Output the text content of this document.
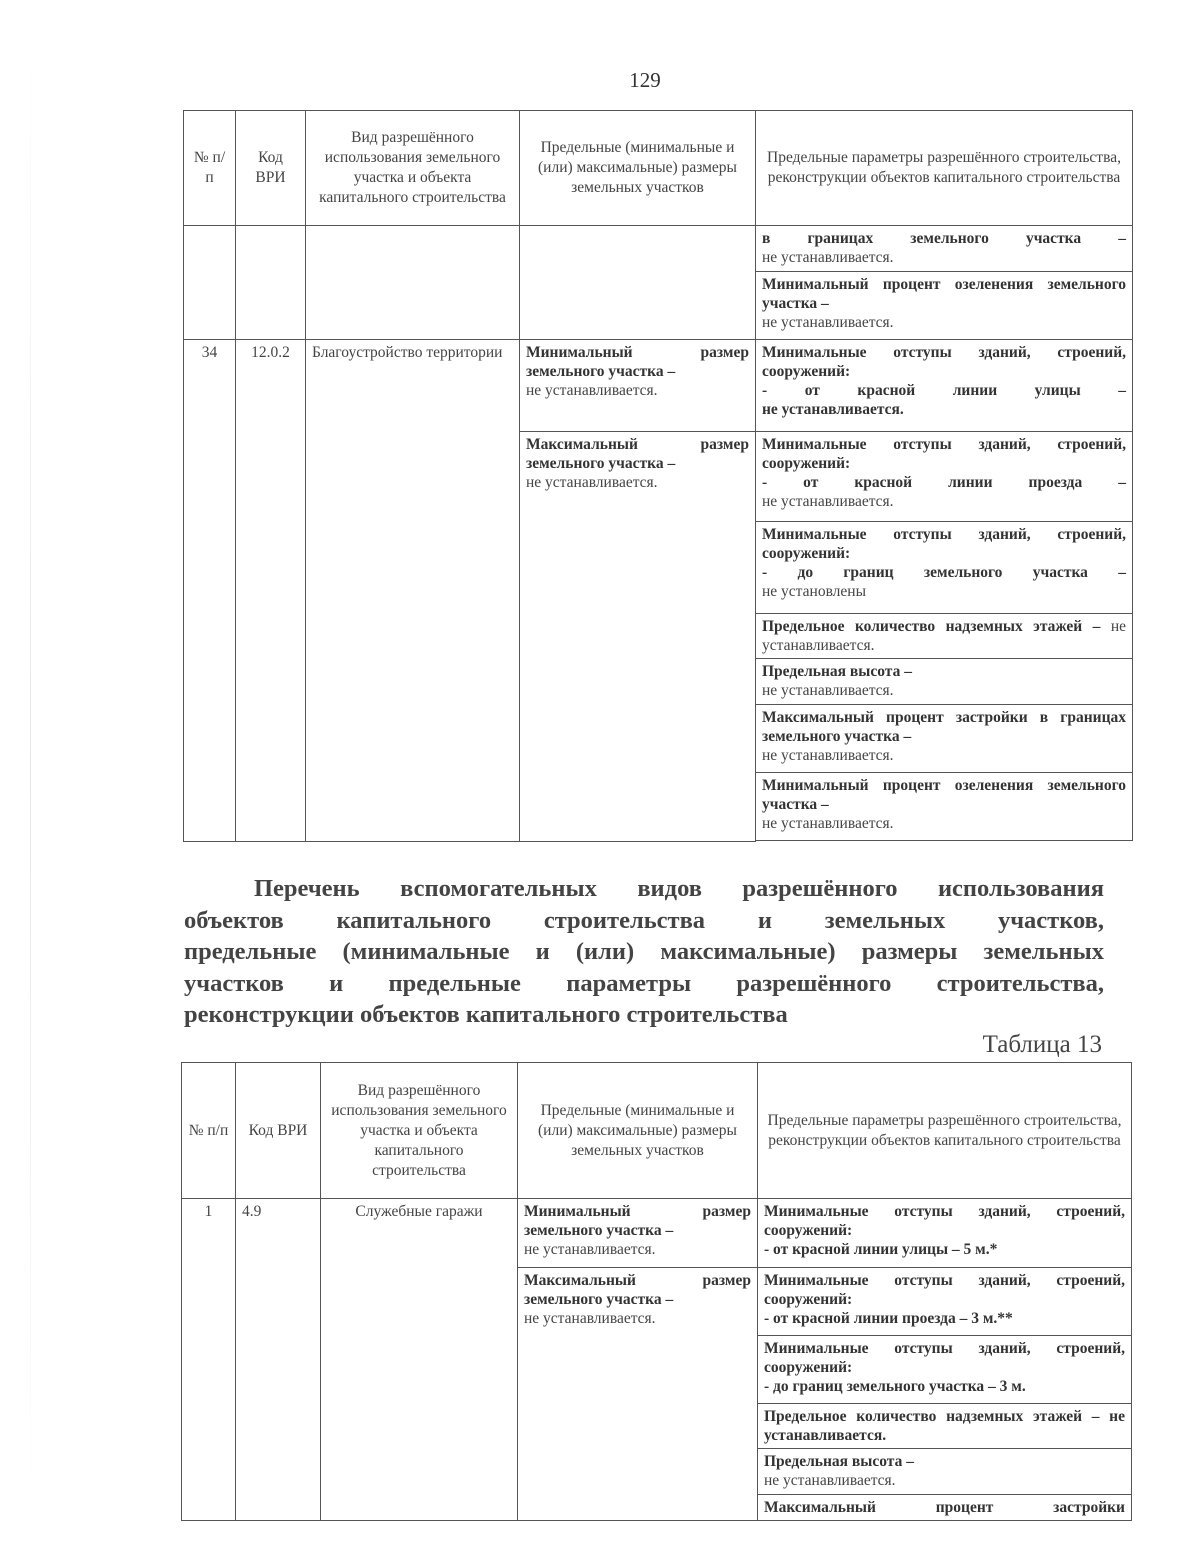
129
№ п/п	Код ВРИ	Вид разрешённого использования земельного участка и объекта капитального строительства	Предельные (минимальные и (или) максимальные) размеры земельных участков	Предельные параметры разрешённого строительства, реконструкции объектов капитального строительства

				в границах земельного участка –
не устанавливается.

				Минимальный процент озеленения земельного участка –
не устанавливается.
34	12.0.2	Благоустройство территории	Минимальный размер земельного участка –
не устанавливается.	Минимальные отступы зданий, строений, сооружений:

- от красной линии улицы –
не устанавливается.
			Максимальный размер земельного участка –
не устанавливается.	Минимальные отступы зданий, строений, сооружений:

- от красной линии проезда –
не устанавливается.
				Минимальные отступы зданий, строений, сооружений:

- до границ земельного участка –
не установлены
				Предельное количество надземных этажей – не устанавливается.
				Предельная высота –
не устанавливается.
				Максимальный процент застройки в границах земельного участка –
не устанавливается.
				Минимальный процент озеленения земельного участка –
не устанавливается.

Перечень вспомогательных видов разрешённого использования
объектов капитального строительства и земельных участков,
предельные (минимальные и (или) максимальные) размеры земельных
участков и предельные параметры разрешённого строительства,
реконструкции объектов капитального строительства
Таблица 13
№ п/п	Код ВРИ	Вид разрешённого использования земельного участка и объекта капитального строительства	Предельные (минимальные и (или) максимальные) размеры земельных участков	Предельные параметры разрешённого строительства, реконструкции объектов капитального строительства
1	4.9	Служебные гаражи	Минимальный размер земельного участка –
не устанавливается.	Минимальные отступы зданий, строений, сооружений:
- от красной линии улицы – 5 м.*
			Максимальный размер земельного участка –
не устанавливается.	Минимальные отступы зданий, строений, сооружений:
- от красной линии проезда – 3 м.**
				Минимальные отступы зданий, строений, сооружений:
- до границ земельного участка – 3 м.
				Предельное количество надземных этажей – не устанавливается.
				Предельная высота –
не устанавливается.

				Максимальный процент застройки
